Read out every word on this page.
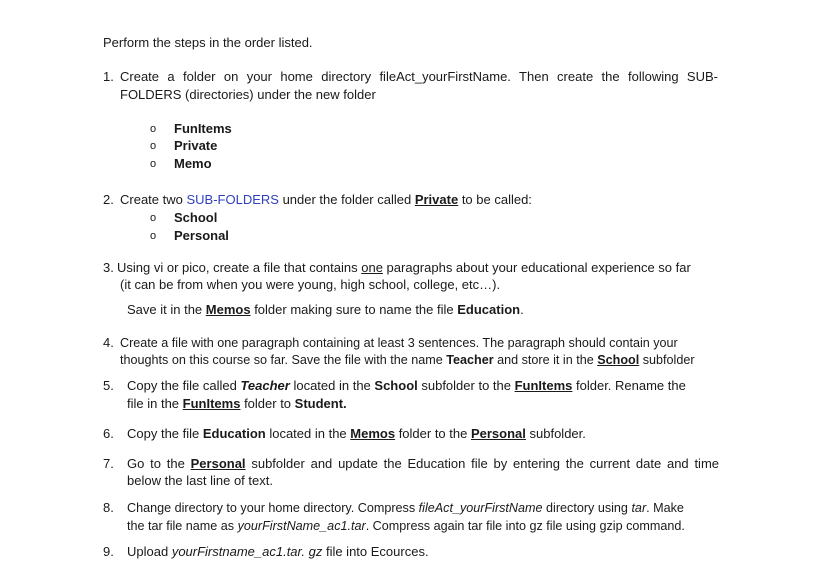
Perform the steps in the order listed.
1. Create a folder on your home directory fileAct_yourFirstName. Then create the following SUB-
FOLDERS (directories) under the new folder
o FunItems
o Private
o Memo
2. Create two SUB-FOLDERS under the folder called Private to be called:
o School
o Personal
3. Using vi or pico, create a file that contains one paragraphs about your educational experience so far
(it can be from when you were young, high school, college, etc…).
Save it in the Memos folder making sure to name the file Education.
4. Create a file with one paragraph containing at least 3 sentences. The paragraph should contain your
thoughts on this course so far. Save the file with the name Teacher and store it in the School subfolder
5. Copy the file called Teacher located in the School subfolder to the FunItems folder. Rename the
file in the FunItems folder to Student.
6. Copy the file Education located in the Memos folder to the Personal subfolder.
7. Go to the Personal subfolder and update the Education file by entering the current date and time
below the last line of text.
8. Change directory to your home directory. Compress fileAct_yourFirstName directory using tar. Make
the tar file name as yourFirstName_ac1.tar. Compress again tar file into gz file using gzip command.
9. Upload yourFirstname_ac1.tar. gz file into Ecources.
